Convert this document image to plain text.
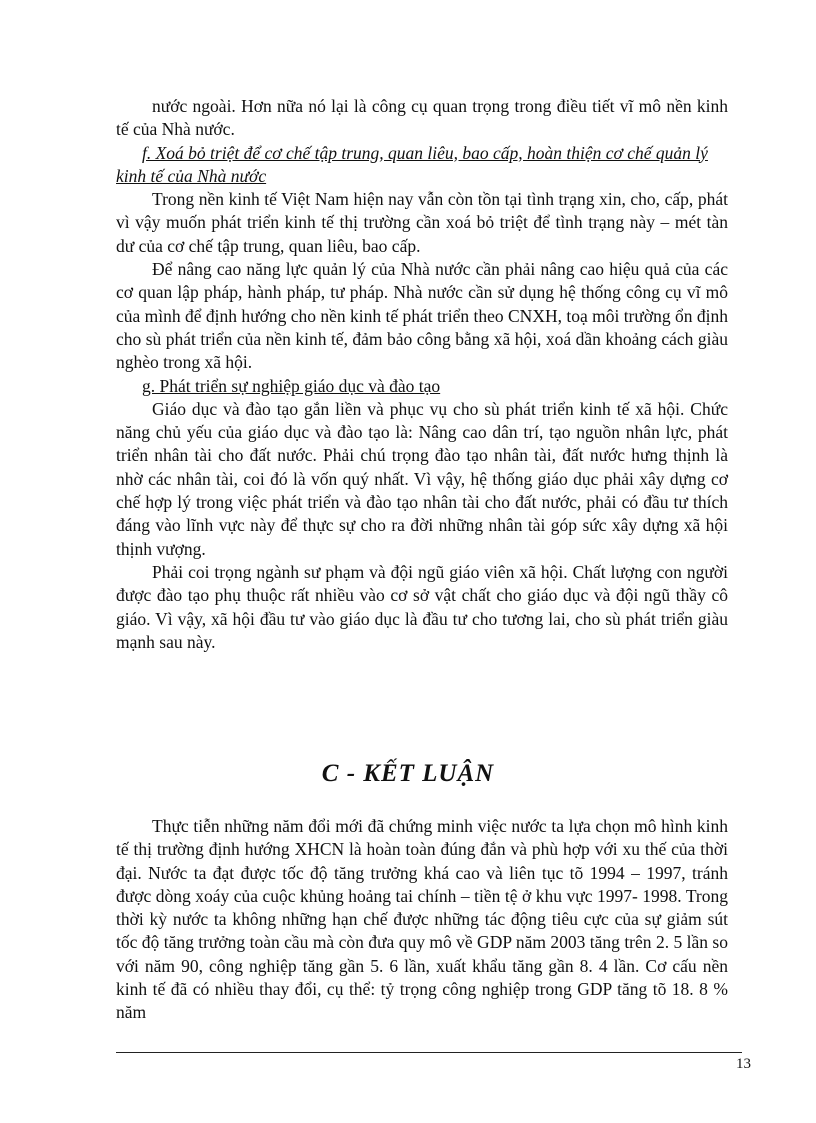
nước ngoài. Hơn nữa nó lại là công cụ quan trọng trong điều tiết vĩ mô nền kinh tế của Nhà nước.

f. Xoá bỏ triệt để cơ chế tập trung, quan liêu, bao cấp, hoàn thiện cơ chế quản lý kinh tế của Nhà nước

Trong nền kinh tế Việt Nam hiện nay vẫn còn tồn tại tình trạng xin, cho, cấp, phát vì vậy muốn phát triển kinh tế thị trường cần xoá bỏ triệt để tình trạng này – mét tàn dư của cơ chế tập trung, quan liêu, bao cấp.

Để nâng cao năng lực quản lý của Nhà nước cần phải nâng cao hiệu quả của các cơ quan lập pháp, hành pháp, tư pháp. Nhà nước cần sử dụng hệ thống công cụ vĩ mô của mình để định hướng cho nền kinh tế phát triển theo CNXH, toạ môi trường ổn định cho sù phát triển của nền kinh tế, đảm bảo công bằng xã hội, xoá dần khoảng cách giàu nghèo trong xã hội.

g. Phát triển sự nghiệp giáo dục và đào tạo

Giáo dục và đào tạo gắn liền và phục vụ cho sù phát triển kinh tế xã hội. Chức năng chủ yếu của giáo dục và đào tạo là: Nâng cao dân trí, tạo nguồn nhân lực, phát triển nhân tài cho đất nước. Phải chú trọng đào tạo nhân tài, đất nước hưng thịnh là nhờ các nhân tài, coi đó là vốn quý nhất. Vì vậy, hệ thống giáo dục phải xây dựng cơ chế hợp lý trong việc phát triển và đào tạo nhân tài cho đất nước, phải có đầu tư thích đáng vào lĩnh vực này để thực sự cho ra đời những nhân tài góp sức xây dựng xã hội thịnh vượng.

Phải coi trọng ngành sư phạm và đội ngũ giáo viên xã hội. Chất lượng con người được đào tạo phụ thuộc rất nhiều vào cơ sở vật chất cho giáo dục và đội ngũ thầy cô giáo. Vì vậy, xã hội đầu tư vào giáo dục là đầu tư cho tương lai, cho sù phát triển giàu mạnh sau này.

C - KẾT LUẬN

Thực tiễn những năm đổi mới đã chứng minh việc nước ta lựa chọn mô hình kinh tế thị trường định hướng XHCN là hoàn toàn đúng đắn và phù hợp với xu thế của thời đại. Nước ta đạt được tốc độ tăng trưởng khá cao và liên tục tõ 1994 – 1997, tránh được dòng xoáy của cuộc khủng hoảng tai chính – tiền tệ ở khu vực 1997- 1998. Trong thời kỳ nước ta không những hạn chế được những tác động tiêu cực của sự giảm sút tốc độ tăng trưởng toàn cầu mà còn đưa quy mô về GDP năm 2003 tăng trên 2. 5 lần so với năm 90, công nghiệp tăng gần 5. 6 lần, xuất khẩu tăng gần 8. 4 lần. Cơ cấu nền kinh tế đã có nhiều thay đổi, cụ thể: tỷ trọng công nghiệp trong GDP tăng tõ 18. 8 % năm

13
